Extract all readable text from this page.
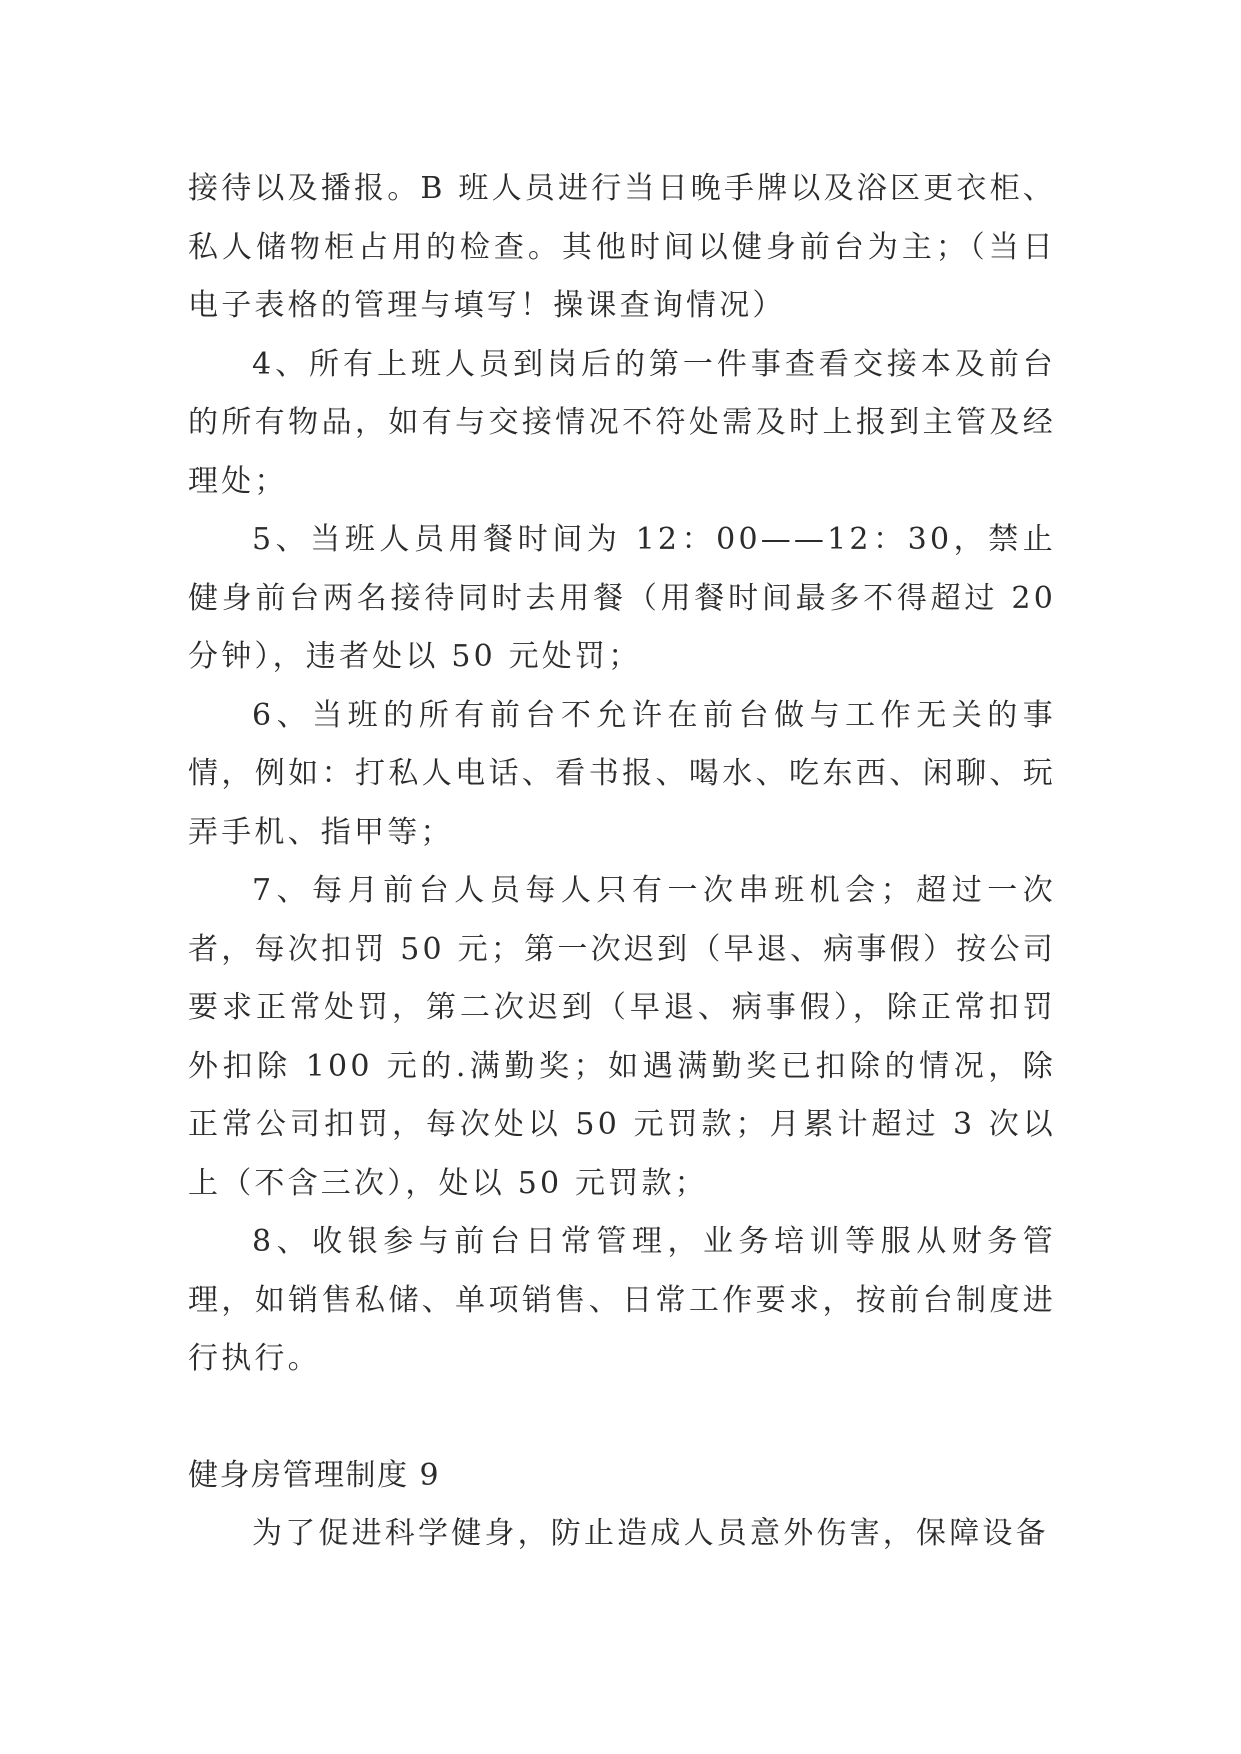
接待以及播报。B 班人员进行当日晚手牌以及浴区更衣柜、私人储物柜占用的检查。其他时间以健身前台为主；（当日电子表格的管理与填写！操课查询情况）

4、所有上班人员到岗后的第一件事查看交接本及前台的所有物品，如有与交接情况不符处需及时上报到主管及经理处；

5、当班人员用餐时间为 12：00——12：30，禁止健身前台两名接待同时去用餐（用餐时间最多不得超过 20 分钟），违者处以 50 元处罚；

6、当班的所有前台不允许在前台做与工作无关的事情，例如：打私人电话、看书报、喝水、吃东西、闲聊、玩弄手机、指甲等；

7、每月前台人员每人只有一次串班机会；超过一次者，每次扣罚 50 元；第一次迟到（早退、病事假）按公司要求正常处罚，第二次迟到（早退、病事假），除正常扣罚外扣除 100 元的.满勤奖；如遇满勤奖已扣除的情况，除正常公司扣罚，每次处以 50 元罚款；月累计超过 3 次以上（不含三次），处以 50 元罚款；

8、收银参与前台日常管理，业务培训等服从财务管理，如销售私储、单项销售、日常工作要求，按前台制度进行执行。

健身房管理制度 9

为了促进科学健身，防止造成人员意外伤害，保障设备
